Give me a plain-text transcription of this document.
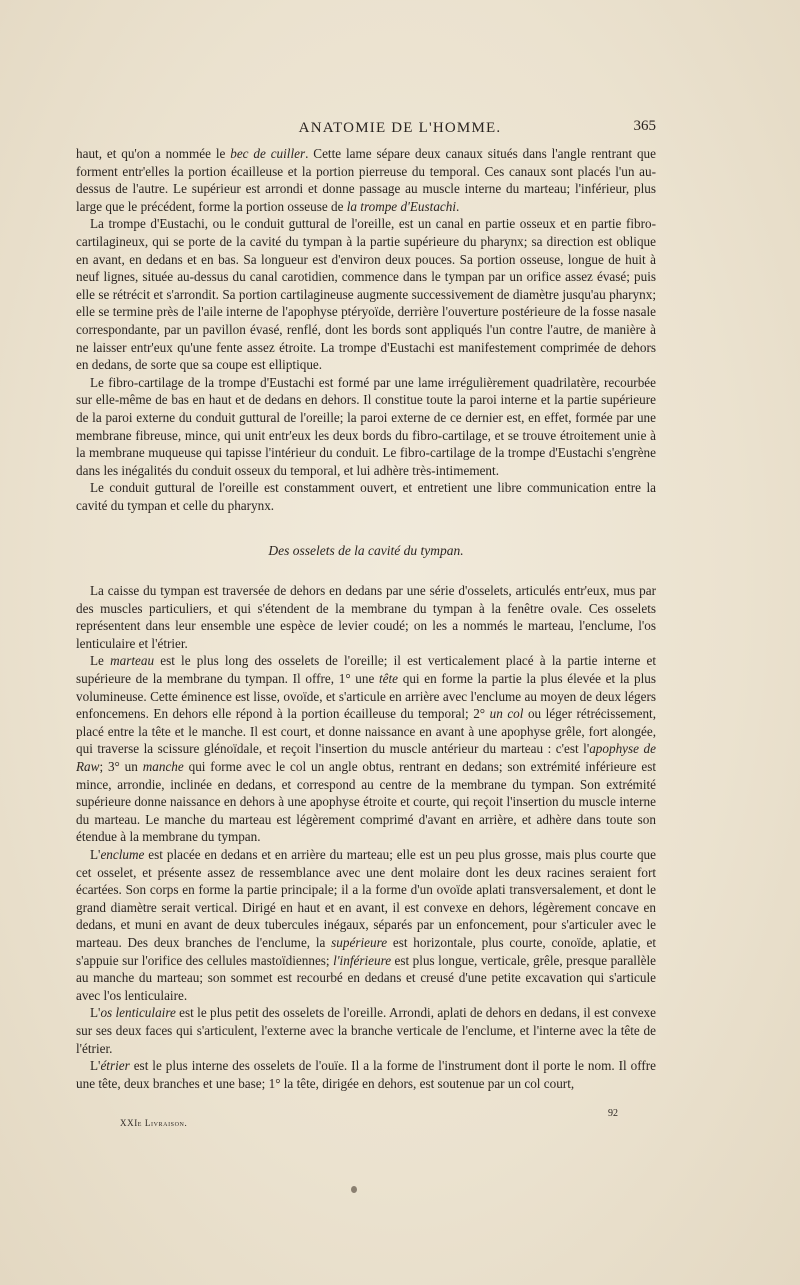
ANATOMIE DE L'HOMME.	365

haut, et qu'on a nommée le bec de cuiller. Cette lame sépare deux canaux situés dans l'angle rentrant que forment entr'elles la portion écailleuse et la portion pierreuse du temporal. Ces canaux sont placés l'un au-dessus de l'autre. Le supérieur est arrondi et donne passage au muscle interne du marteau; l'inférieur, plus large que le précédent, forme la portion osseuse de la trompe d'Eustachi.

La trompe d'Eustachi, ou le conduit guttural de l'oreille, est un canal en partie osseux et en partie fibro-cartilagineux, qui se porte de la cavité du tympan à la partie supérieure du pharynx; sa direction est oblique en avant, en dedans et en bas. Sa longueur est d'environ deux pouces. Sa portion osseuse, longue de huit à neuf lignes, située au-dessus du canal carotidien, commence dans le tympan par un orifice assez évasé; puis elle se rétrécit et s'arrondit. Sa portion cartilagineuse augmente successivement de diamètre jusqu'au pharynx; elle se termine près de l'aile interne de l'apophyse ptéryoïde, derrière l'ouverture postérieure de la fosse nasale correspondante, par un pavillon évasé, renflé, dont les bords sont appliqués l'un contre l'autre, de manière à ne laisser entr'eux qu'une fente assez étroite. La trompe d'Eustachi est manifestement comprimée de dehors en dedans, de sorte que sa coupe est elliptique.

Le fibro-cartilage de la trompe d'Eustachi est formé par une lame irrégulièrement quadrilatère, recourbée sur elle-même de bas en haut et de dedans en dehors. Il constitue toute la paroi interne et la partie supérieure de la paroi externe du conduit guttural de l'oreille; la paroi externe de ce dernier est, en effet, formée par une membrane fibreuse, mince, qui unit entr'eux les deux bords du fibro-cartilage, et se trouve étroitement unie à la membrane muqueuse qui tapisse l'intérieur du conduit. Le fibro-cartilage de la trompe d'Eustachi s'engrène dans les inégalités du conduit osseux du temporal, et lui adhère très-intimement.

Le conduit guttural de l'oreille est constamment ouvert, et entretient une libre communication entre la cavité du tympan et celle du pharynx.

Des osselets de la cavité du tympan.

La caisse du tympan est traversée de dehors en dedans par une série d'osselets, articulés entr'eux, mus par des muscles particuliers, et qui s'étendent de la membrane du tympan à la fenêtre ovale. Ces osselets représentent dans leur ensemble une espèce de levier coudé; on les a nommés le marteau, l'enclume, l'os lenticulaire et l'étrier.

Le marteau est le plus long des osselets de l'oreille; il est verticalement placé à la partie interne et supérieure de la membrane du tympan. Il offre, 1° une tête qui en forme la partie la plus élevée et la plus volumineuse. Cette éminence est lisse, ovoïde, et s'articule en arrière avec l'enclume au moyen de deux légers enfoncemens. En dehors elle répond à la portion écailleuse du temporal; 2° un col ou léger rétrécissement, placé entre la tête et le manche. Il est court, et donne naissance en avant à une apophyse grêle, fort alongée, qui traverse la scissure glénoïdale, et reçoit l'insertion du muscle antérieur du marteau : c'est l'apophyse de Raw; 3° un manche qui forme avec le col un angle obtus, rentrant en dedans; son extrémité inférieure est mince, arrondie, inclinée en dedans, et correspond au centre de la membrane du tympan. Son extrémité supérieure donne naissance en dehors à une apophyse étroite et courte, qui reçoit l'insertion du muscle interne du marteau. Le manche du marteau est légèrement comprimé d'avant en arrière, et adhère dans toute son étendue à la membrane du tympan.

L'enclume est placée en dedans et en arrière du marteau; elle est un peu plus grosse, mais plus courte que cet osselet, et présente assez de ressemblance avec une dent molaire dont les deux racines seraient fort écartées. Son corps en forme la partie principale; il a la forme d'un ovoïde aplati transversalement, et dont le grand diamètre serait vertical. Dirigé en haut et en avant, il est convexe en dehors, légèrement concave en dedans, et muni en avant de deux tubercules inégaux, séparés par un enfoncement, pour s'articuler avec le marteau. Des deux branches de l'enclume, la supérieure est horizontale, plus courte, conoïde, aplatie, et s'appuie sur l'orifice des cellules mastoïdiennes; l'inférieure est plus longue, verticale, grêle, presque parallèle au manche du marteau; son sommet est recourbé en dedans et creusé d'une petite excavation qui s'articule avec l'os lenticulaire.

L'os lenticulaire est le plus petit des osselets de l'oreille. Arrondi, aplati de dehors en dedans, il est convexe sur ses deux faces qui s'articulent, l'externe avec la branche verticale de l'enclume, et l'interne avec la tête de l'étrier.

L'étrier est le plus interne des osselets de l'ouïe. Il a la forme de l'instrument dont il porte le nom. Il offre une tête, deux branches et une base; 1° la tête, dirigée en dehors, est soutenue par un col court,

XXIe Livraison.
92
